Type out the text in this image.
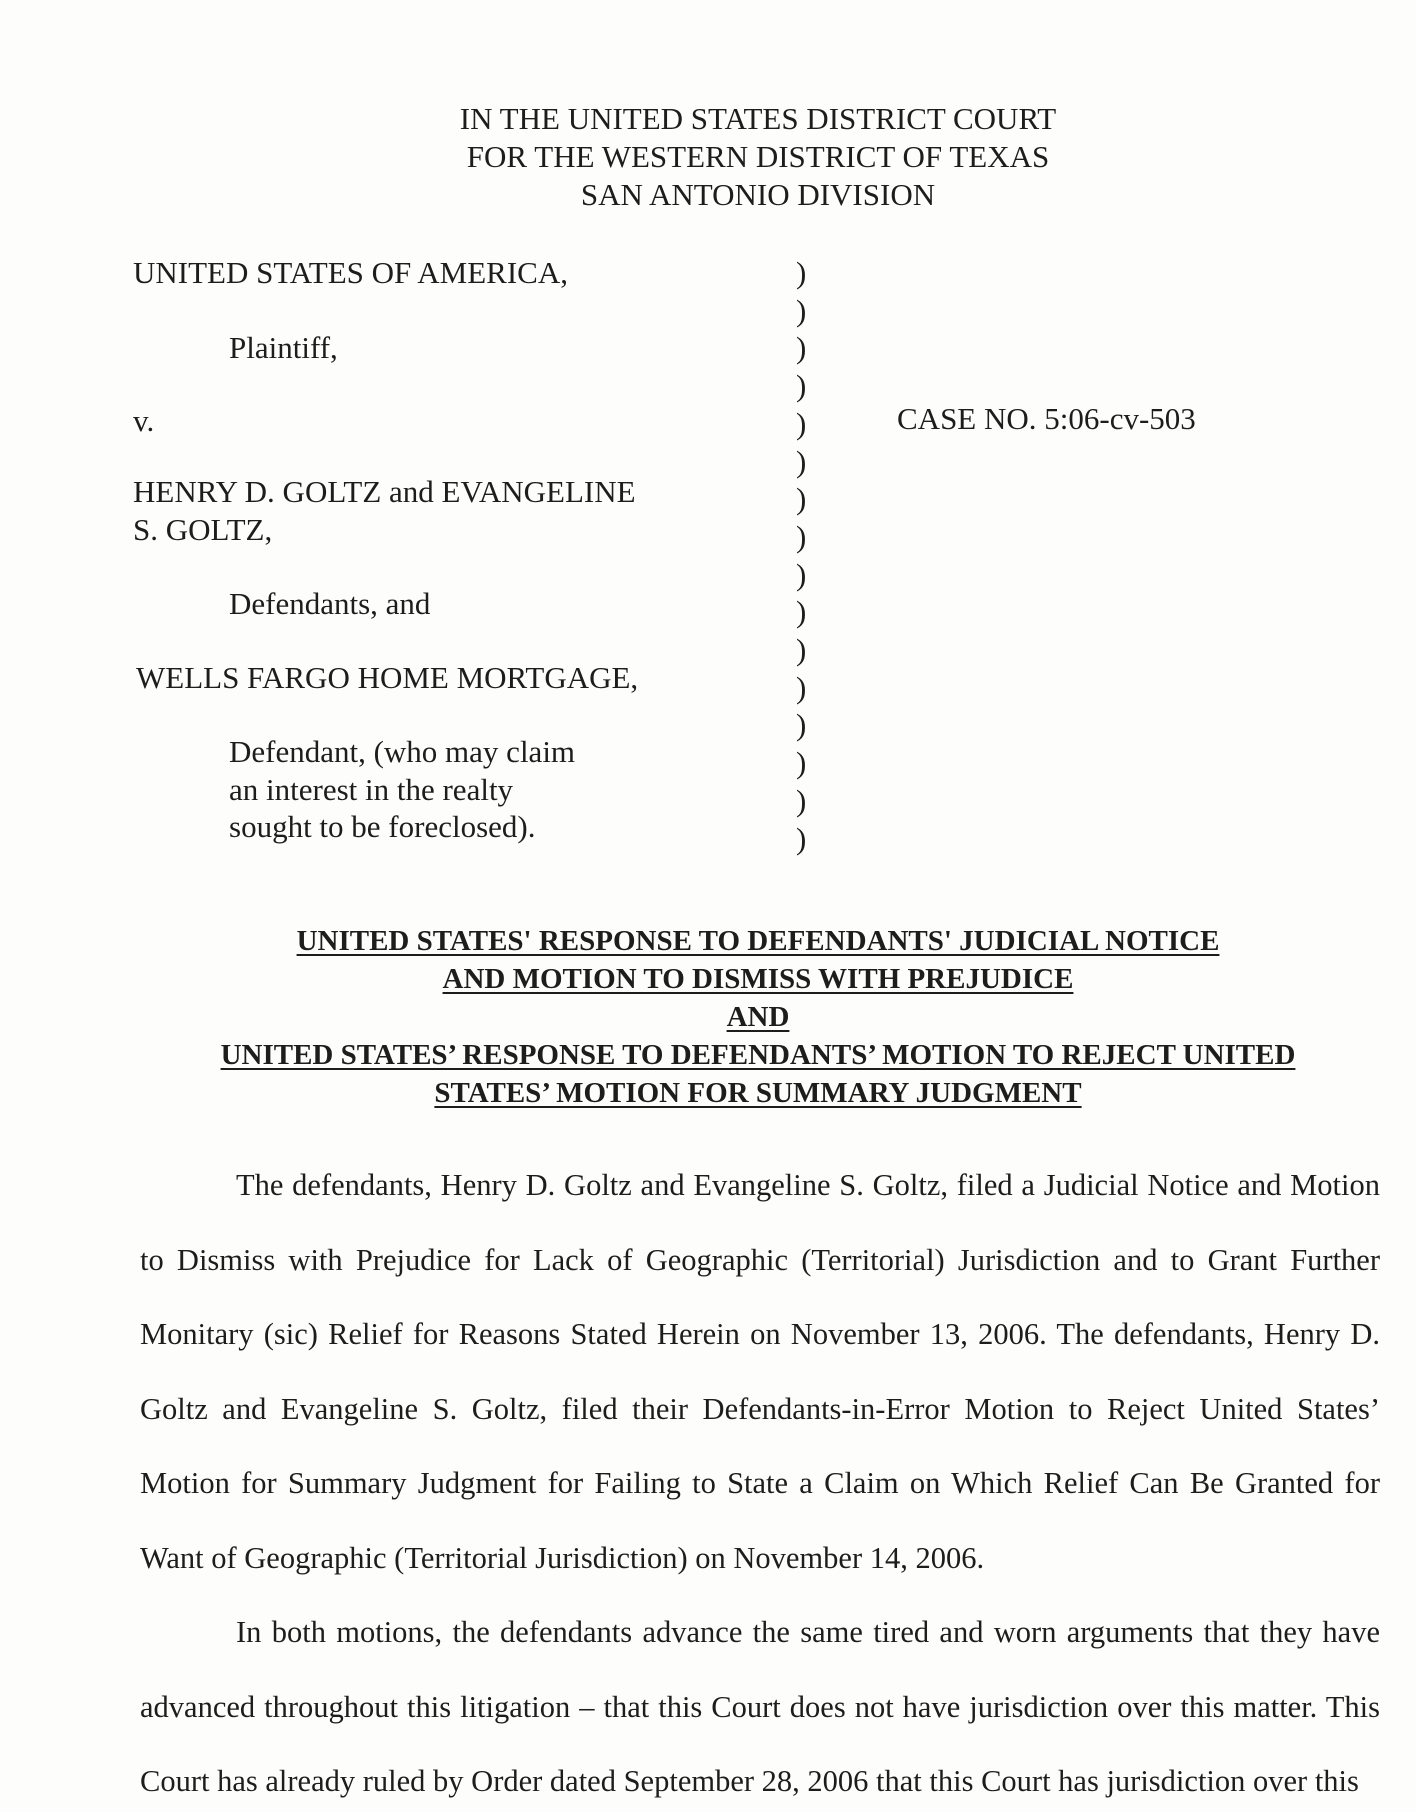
IN THE UNITED STATES DISTRICT COURT
FOR THE WESTERN DISTRICT OF TEXAS
SAN ANTONIO DIVISION
UNITED STATES OF AMERICA,
Plaintiff,
v.
HENRY D. GOLTZ and EVANGELINE
S. GOLTZ,
Defendants, and
WELLS FARGO HOME MORTGAGE,
Defendant, (who may claim
an interest in the realty
sought to be foreclosed).
)
)
)
)
)
)
)
)
)
)
)
)
)
)
)
)
CASE NO. 5:06-cv-503
UNITED STATES' RESPONSE TO DEFENDANTS' JUDICIAL NOTICE
AND MOTION TO DISMISS WITH PREJUDICE
AND
UNITED STATES’ RESPONSE TO DEFENDANTS’ MOTION TO REJECT UNITED
STATES’ MOTION FOR SUMMARY JUDGMENT

The defendants, Henry D. Goltz and Evangeline S. Goltz, filed a Judicial Notice and Motion to Dismiss with Prejudice for Lack of Geographic (Territorial) Jurisdiction and to Grant Further Monitary (sic) Relief for Reasons Stated Herein on November 13, 2006. The defendants, Henry D. Goltz and Evangeline S. Goltz, filed their Defendants-in-Error Motion to Reject United States’ Motion for Summary Judgment for Failing to State a Claim on Which Relief Can Be Granted for Want of Geographic (Territorial Jurisdiction) on November 14, 2006.

In both motions, the defendants advance the same tired and worn arguments that they have advanced throughout this litigation – that this Court does not have jurisdiction over this matter. This Court has already ruled by Order dated September 28, 2006 that this Court has jurisdiction over this
